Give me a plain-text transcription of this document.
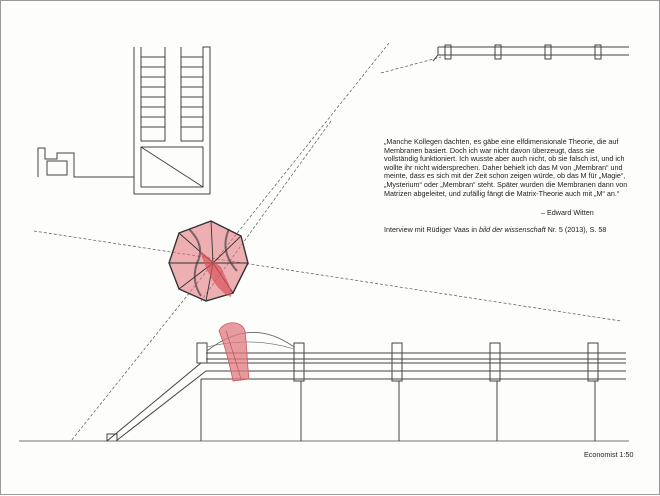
„Manche Kollegen dachten, es gäbe eine elfdimensionale Theorie, die auf Membranen basiert. Doch ich war nicht davon überzeugt, dass sie vollständig funktioniert. Ich wusste aber auch nicht, ob sie falsch ist, und ich wollte ihr nicht widersprechen. Daher behielt ich das M von „Membran“ und meinte, dass es sich mit der Zeit schon zeigen würde, ob das M für „Magie“, „Mysterium“ oder „Membran“ steht. Später wurden die Membranen dann von Matrizen abgeleitet, und zufällig fängt die Matrix-Theorie auch mit „M“ an.“
– Edward Witten
Interview mit Rüdiger Vaas in bild der wissenschaft Nr. 5 (2013), S. 58
Economist 1:50
